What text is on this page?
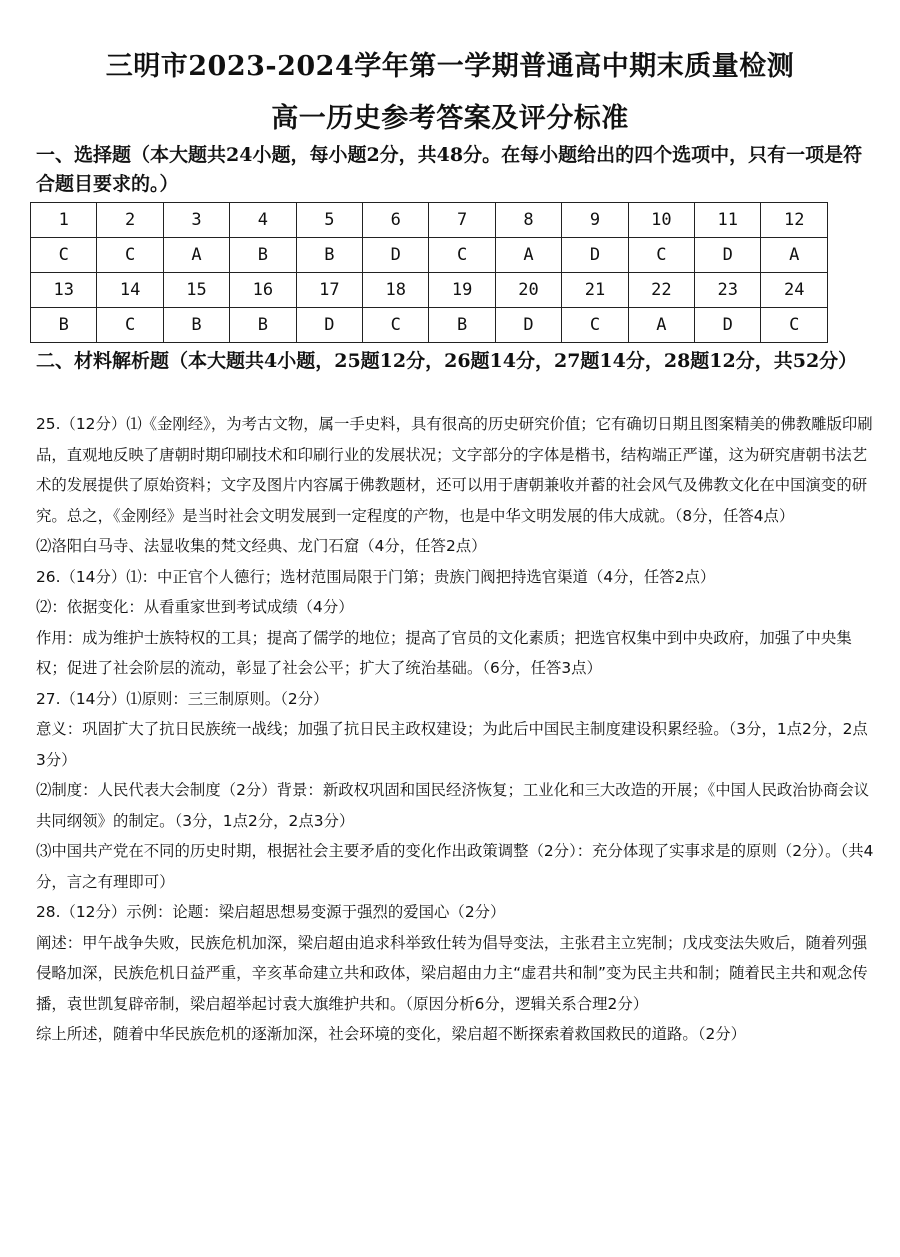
三明市2023-2024学年第一学期普通高中期末质量检测
高一历史参考答案及评分标准
一、选择题（本大题共24小题，每小题2分，共48分。在每小题给出的四个选项中，只有一项是符合题目要求的。）
1	2	3	4	5	6	7	8	9	10	11	12
C	C	A	B	B	D	C	A	D	C	D	A
13	14	15	16	17	18	19	20	21	22	23	24
B	C	B	B	D	C	B	D	C	A	D	C
二、材料解析题（本大题共4小题，25题12分，26题14分，27题14分，28题12分，共52分）

25.（12分）⑴《金刚经》，为考古文物，属一手史料，具有很高的历史研究价值；它有确切日期且图案精美的佛教雕版印刷品，直观地反映了唐朝时期印刷技术和印刷行业的发展状况；文字部分的字体是楷书，结构端正严谨，这为研究唐朝书法艺术的发展提供了原始资料；文字及图片内容属于佛教题材，还可以用于唐朝兼收并蓄的社会风气及佛教文化在中国演变的研究。总之，《金刚经》是当时社会文明发展到一定程度的产物，也是中华文明发展的伟大成就。（8分，任答4点）

⑵洛阳白马寺、法显收集的梵文经典、龙门石窟（4分，任答2点）

26.（14分）⑴：中正官个人德行；选材范围局限于门第；贵族门阀把持选官渠道（4分，任答2点）

⑵：依据变化：从看重家世到考试成绩（4分）

作用：成为维护士族特权的工具；提高了儒学的地位；提高了官员的文化素质；把选官权集中到中央政府，加强了中央集权；促进了社会阶层的流动，彰显了社会公平；扩大了统治基础。（6分，任答3点）

27.（14分）⑴原则：三三制原则。（2分）

意义：巩固扩大了抗日民族统一战线；加强了抗日民主政权建设；为此后中国民主制度建设积累经验。（3分，1点2分，2点3分）

⑵制度：人民代表大会制度（2分）背景：新政权巩固和国民经济恢复；工业化和三大改造的开展；《中国人民政治协商会议共同纲领》的制定。（3分，1点2分，2点3分）

⑶中国共产党在不同的历史时期，根据社会主要矛盾的变化作出政策调整（2分）：充分体现了实事求是的原则（2分）。（共4分，言之有理即可）

28.（12分）示例：论题：梁启超思想易变源于强烈的爱国心（2分）

阐述：甲午战争失败，民族危机加深，梁启超由追求科举致仕转为倡导变法，主张君主立宪制；戊戌变法失败后，随着列强侵略加深，民族危机日益严重，辛亥革命建立共和政体，梁启超由力主“虚君共和制”变为民主共和制；随着民主共和观念传播，袁世凯复辟帝制，梁启超举起讨袁大旗维护共和。（原因分析6分，逻辑关系合理2分）

综上所述，随着中华民族危机的逐渐加深，社会环境的变化，梁启超不断探索着救国救民的道路。（2分）
